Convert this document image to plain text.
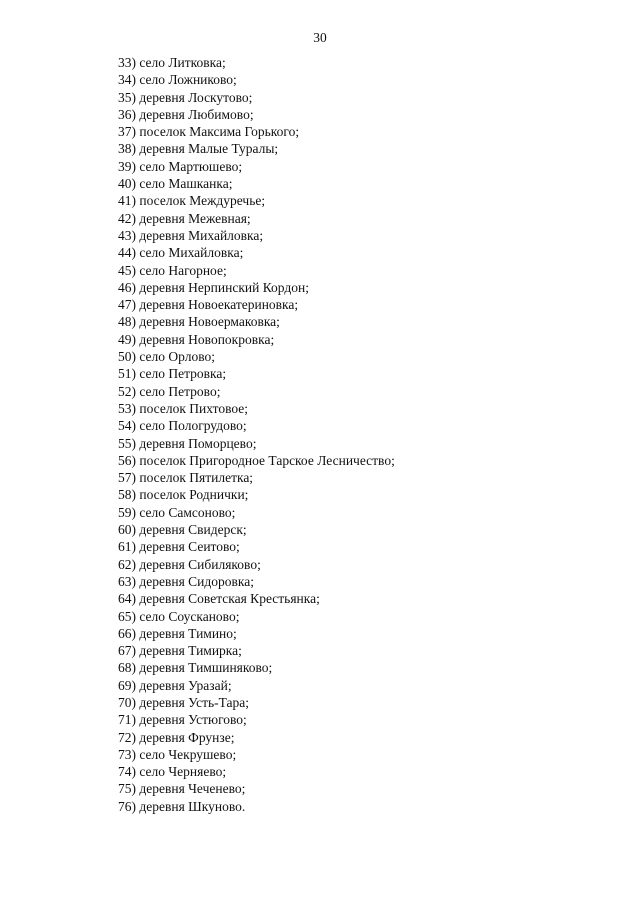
30
33) село Литковка;
34) село Ложниково;
35) деревня Лоскутово;
36) деревня Любимово;
37) поселок Максима Горького;
38) деревня Малые Туралы;
39) село Мартюшево;
40) село Машканка;
41) поселок Междуречье;
42) деревня Межевная;
43) деревня Михайловка;
44) село Михайловка;
45) село Нагорное;
46) деревня Нерпинский Кордон;
47) деревня Новоекатериновка;
48) деревня Новоермаковка;
49) деревня Новопокровка;
50) село Орлово;
51) село Петровка;
52) село Петрово;
53) поселок Пихтовое;
54) село Пологрудово;
55) деревня Поморцево;
56) поселок Пригородное Тарское Лесничество;
57) поселок Пятилетка;
58) поселок Роднички;
59) село Самсоново;
60) деревня Свидерск;
61) деревня Сеитово;
62) деревня Сибиляково;
63) деревня Сидоровка;
64) деревня Советская Крестьянка;
65) село Соусканово;
66) деревня Тимино;
67) деревня Тимирка;
68) деревня Тимшиняково;
69) деревня Уразай;
70) деревня Усть-Тара;
71) деревня Устюгово;
72) деревня Фрунзе;
73) село Чекрушево;
74) село Черняево;
75) деревня Чеченево;
76) деревня Шкуново.
